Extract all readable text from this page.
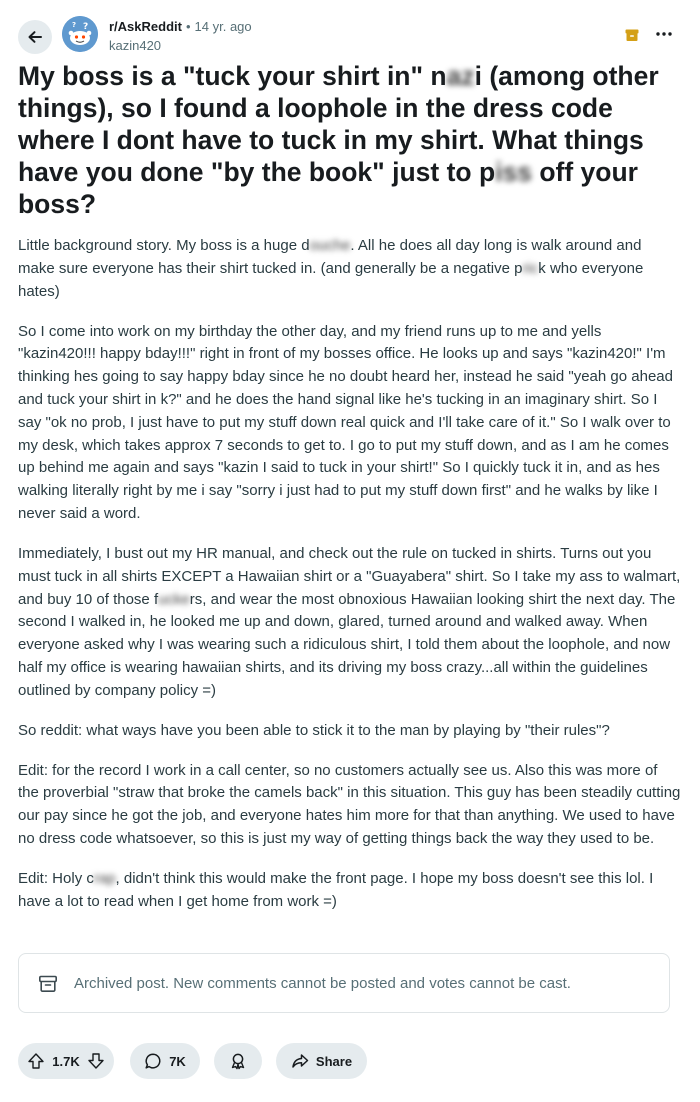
?
?	r/AskReddit • 14 yr. ago
kazin420
My boss is a "tuck your shirt in" nazi (among other things), so I found a loophole in the dress code where I dont have to tuck in my shirt. What things have you done "by the book" just to piss off your boss?

Little background story. My boss is a huge douche. All he does all day long is walk around and make sure everyone has their shirt tucked in. (and generally be a negative prick who everyone hates)

So I come into work on my birthday the other day, and my friend runs up to me and yells "kazin420!!! happy bday!!!" right in front of my bosses office. He looks up and says "kazin420!" I'm thinking hes going to say happy bday since he no doubt heard her, instead he said "yeah go ahead and tuck your shirt in k?" and he does the hand signal like he's tucking in an imaginary shirt. So I say "ok no prob, I just have to put my stuff down real quick and I'll take care of it." So I walk over to my desk, which takes approx 7 seconds to get to. I go to put my stuff down, and as I am he comes up behind me again and says "kazin I said to tuck in your shirt!" So I quickly tuck it in, and as hes walking literally right by me i say "sorry i just had to put my stuff down first" and he walks by like I never said a word.

Immediately, I bust out my HR manual, and check out the rule on tucked in shirts. Turns out you must tuck in all shirts EXCEPT a Hawaiian shirt or a "Guayabera" shirt. So I take my ass to walmart, and buy 10 of those fuckers, and wear the most obnoxious Hawaiian looking shirt the next day. The second I walked in, he looked me up and down, glared, turned around and walked away. When everyone asked why I was wearing such a ridiculous shirt, I told them about the loophole, and now half my office is wearing hawaiian shirts, and its driving my boss crazy...all within the guidelines outlined by company policy =)

So reddit: what ways have you been able to stick it to the man by playing by "their rules"?

Edit: for the record I work in a call center, so no customers actually see us. Also this was more of the proverbial "straw that broke the camels back" in this situation. This guy has been steadily cutting our pay since he got the job, and everyone hates him more for that than anything. We used to have no dress code whatsoever, so this is just my way of getting things back the way they used to be.

Edit: Holy crap, didn't think this would make the front page. I hope my boss doesn't see this lol. I have a lot to read when I get home from work =)

Archived post. New comments cannot be posted and votes cannot be cast.
1.7K	7K	Share
